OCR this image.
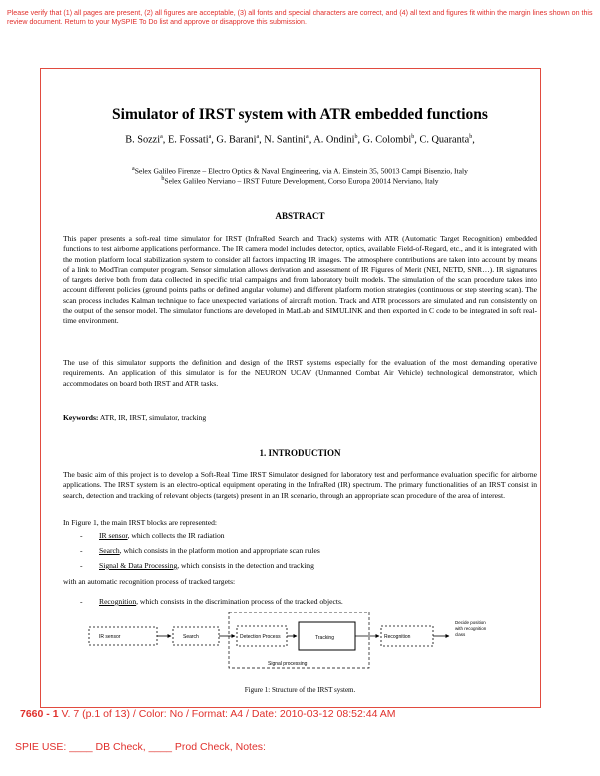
Please verify that (1) all pages are present, (2) all figures are acceptable, (3) all fonts and special characters are correct, and (4) all text and figures fit within the margin lines shown on this review document. Return to your MySPIE To Do list and approve or disapprove this submission.
Simulator of IRST system with ATR embedded functions
B. Sozzi$^a$, E. Fossati$^a$, G. Barani$^a$, N. Santini$^a$, A. Ondini$^b$, G. Colombi$^b$, C. Quaranta$^b$,
$^a$Selex Galileo Firenze – Electro Optics & Naval Engineering, via A. Einstein 35, 50013 Campi Bisenzio, Italy
$^b$Selex Galileo Nerviano – IRST Future Development, Corso Europa 20014 Nerviano, Italy
ABSTRACT
This paper presents a soft-real time simulator for IRST (InfraRed Search and Track) systems with ATR (Automatic Target Recognition) embedded functions to test airborne applications performance. The IR camera model includes detector, optics, available Field-of-Regard, etc., and it is integrated with the motion platform local stabilization system to consider all factors impacting IR images. The atmosphere contributions are taken into account by means of a link to ModTran computer program. Sensor simulation allows derivation and assessment of IR Figures of Merit (NEI, NETD, SNR…). IR signatures of targets derive both from data collected in specific trial campaigns and from laboratory built models. The simulation of the scan procedure takes into account different policies (ground points paths or defined angular volume) and different platform motion strategies (continuous or step steering scan). The scan process includes Kalman technique to face unexpected variations of aircraft motion. Track and ATR processors are simulated and run consistently on the output of the sensor model. The simulator functions are developed in MatLab and SIMULINK and then exported in C code to be integrated in soft real-time environment.
The use of this simulator supports the definition and design of the IRST systems especially for the evaluation of the most demanding operative requirements. An application of this simulator is for the NEURON UCAV (Unmanned Combat Air Vehicle) technological demonstrator, which accommodates on board both IRST and ATR tasks.
Keywords: ATR, IR, IRST, simulator, tracking
1. INTRODUCTION
The basic aim of this project is to develop a Soft-Real Time IRST Simulator designed for laboratory test and performance evaluation specific for airborne applications. The IRST system is an electro-optical equipment operating in the InfraRed (IR) spectrum. The primary functionalities of an IRST consist in search, detection and tracking of relevant objects (targets) present in an IR scenario, through an appropriate scan procedure of the area of interest.
In Figure 1, the main IRST blocks are represented:
- IR sensor, which collects the IR radiation
- Search, which consists in the platform motion and appropriate scan rules
- Signal & Data Processing, which consists in the detection and tracking
with an automatic recognition process of tracked targets:
- Recognition, which consists in the discrimination process of the tracked objects.
IR sensor	Search
Signal processing
Detection Process	Tracking	Recognition
Decide position with recognition class
Figure 1: Structure of the IRST system.
7660 - 1 V. 7 (p.1 of 13) / Color: No / Format: A4 / Date: 2010-03-12 08:52:44 AM
SPIE USE: ____ DB Check, ____ Prod Check, Notes:
